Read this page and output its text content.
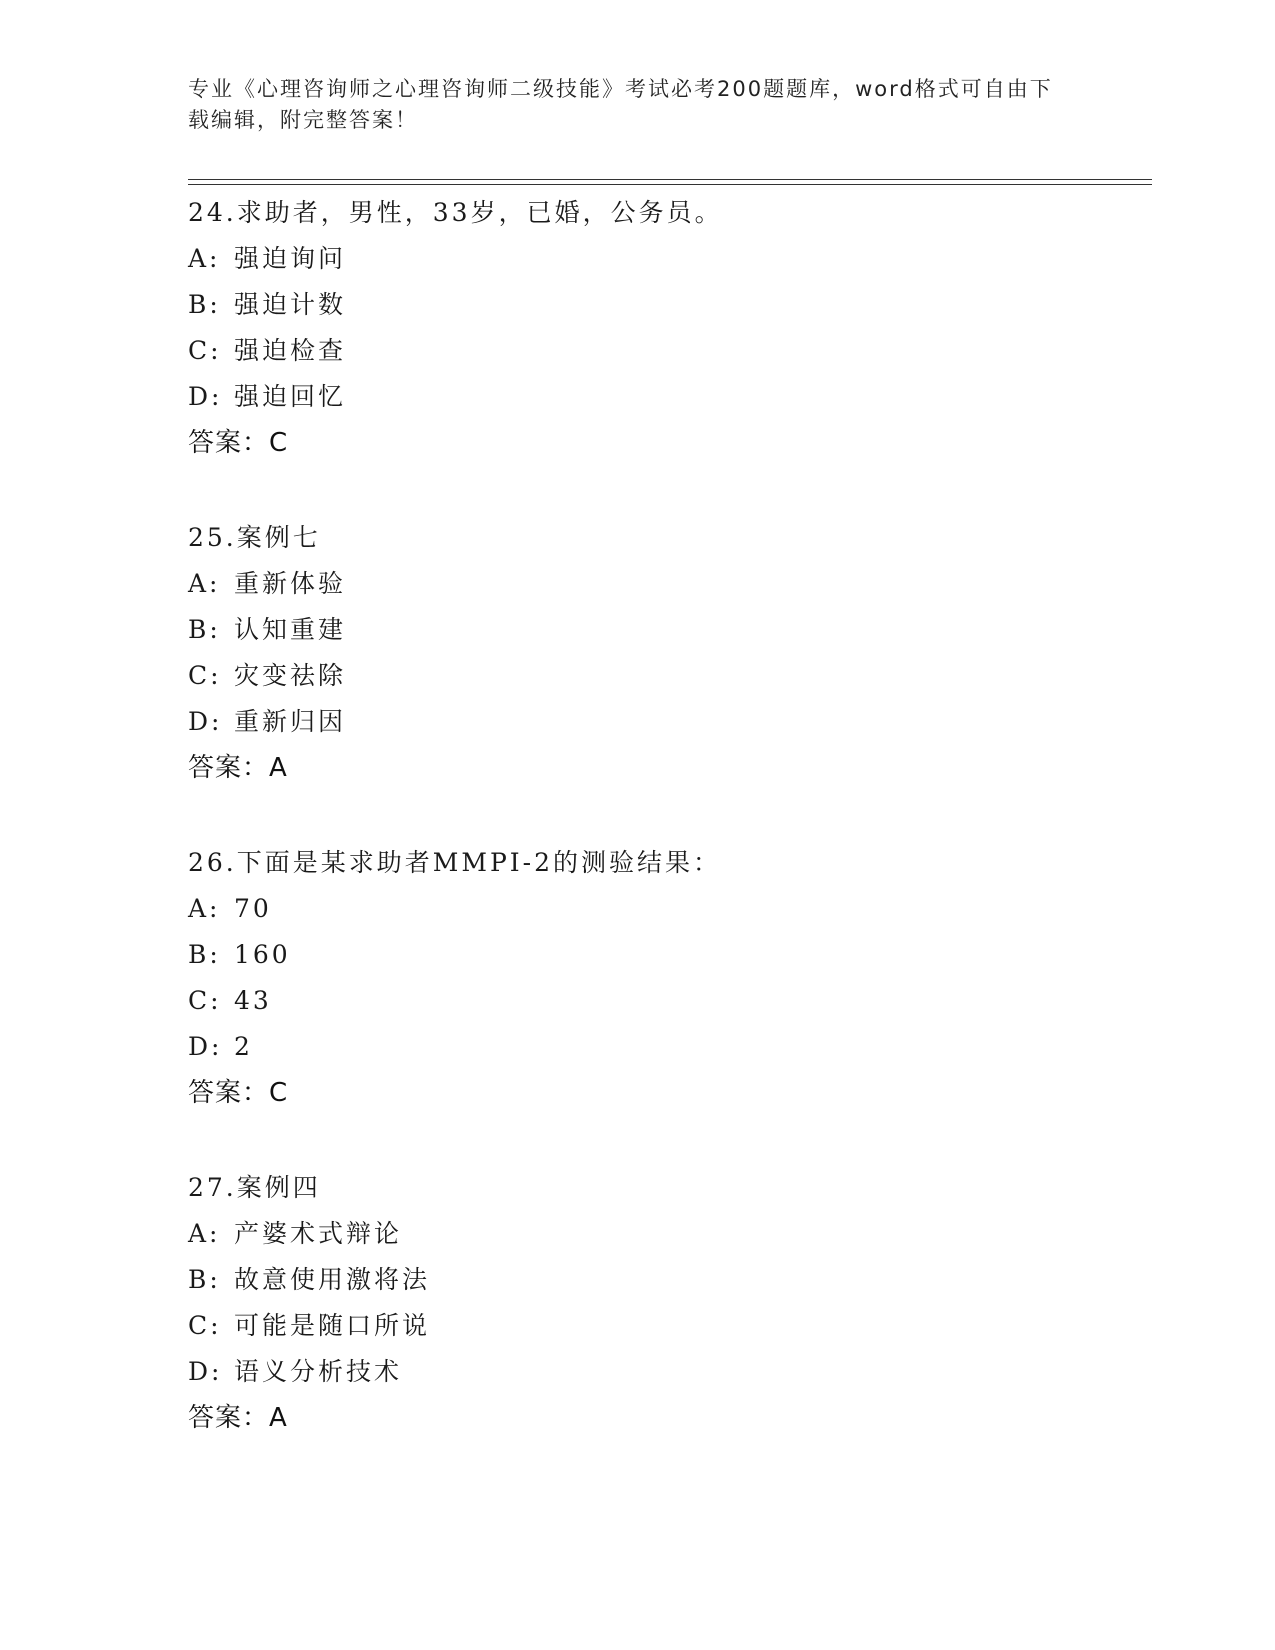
专业《心理咨询师之心理咨询师二级技能》考试必考200题题库，word格式可自由下载编辑，附完整答案！
24.求助者，男性，33岁，已婚，公务员。
A: 强迫询问
B: 强迫计数
C: 强迫检查
D: 强迫回忆
答案：C
25.案例七
A: 重新体验
B: 认知重建
C: 灾变祛除
D: 重新归因
答案：A
26.下面是某求助者MMPI-2的测验结果：
A: 70
B: 160
C: 43
D: 2
答案：C
27.案例四
A: 产婆术式辩论
B: 故意使用激将法
C: 可能是随口所说
D: 语义分析技术
答案：A
